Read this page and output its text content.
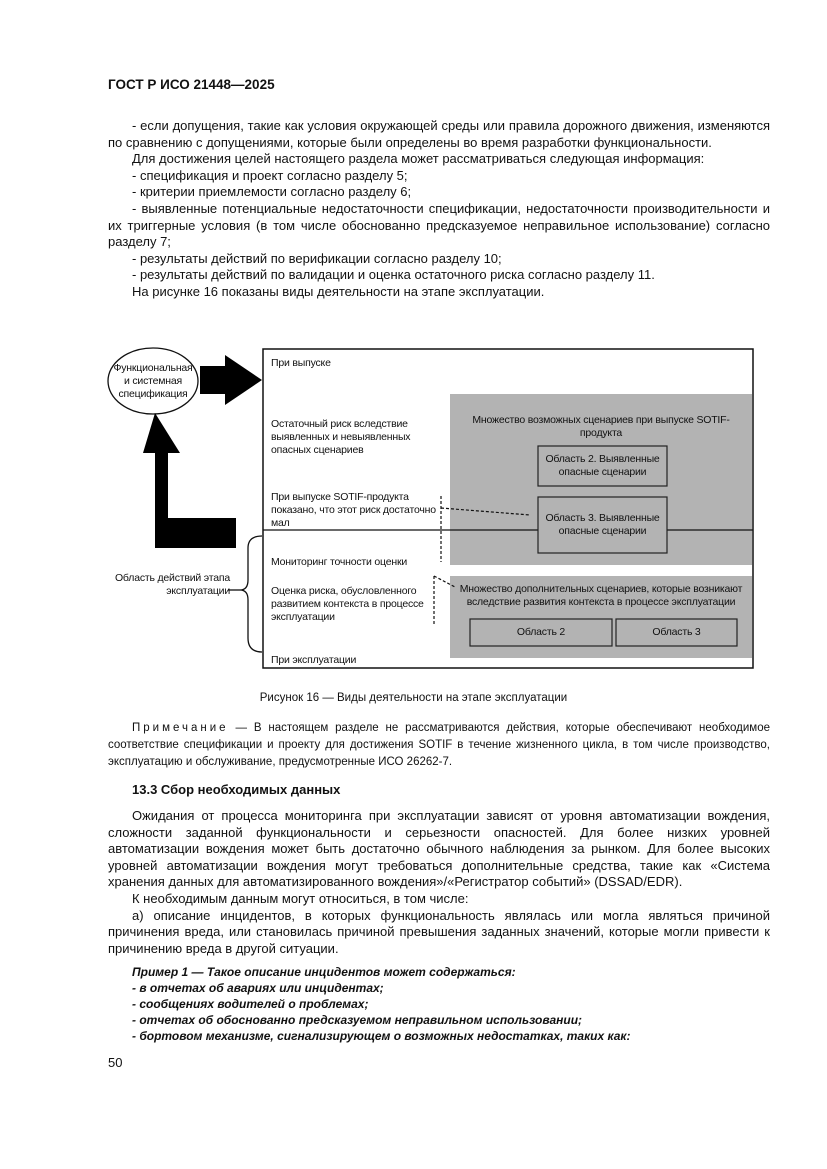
ГОСТ Р ИСО 21448—2025

- если допущения, такие как условия окружающей среды или правила дорожного движения, изменяются по сравнению с допущениями, которые были определены во время разработки функциональности.

Для достижения целей настоящего раздела может рассматриваться следующая информация:

- спецификация и проект согласно разделу 5;

- критерии приемлемости согласно разделу 6;

- выявленные потенциальные недостаточности спецификации, недостаточности производительности и их триггерные условия (в том числе обоснованно предсказуемое неправильное использование) согласно разделу 7;

- результаты действий по верификации согласно разделу 10;

- результаты действий по валидации и оценка остаточного риска согласно разделу 11.

На рисунке 16 показаны виды деятельности на этапе эксплуатации.

Функциональная и системная спецификация
Область действий этапа эксплуатации
При выпуске
Остаточный риск вследствие выявленных и невыявленных опасных сценариев
При выпуске SOTIF-продукта показано, что этот риск достаточно мал
Мониторинг точности оценки
Оценка риска, обусловленного развитием контекста в процессе эксплуатации
При эксплуатации
Множество возможных сценариев при выпуске SOTIF-продукта
Область 2. Выявленные опасные сценарии
Область 3. Выявленные опасные сценарии
Множество дополнительных сценариев, которые возникают вследствие развития контекста в процессе эксплуатации
Область 2	Область 3
Рисунок 16 — Виды деятельности на этапе эксплуатации

Примечание — В настоящем разделе не рассматриваются действия, которые обеспечивают необходимое соответствие спецификации и проекту для достижения SOTIF в течение жизненного цикла, в том числе производство, эксплуатацию и обслуживание, предусмотренные ИСО 26262-7.

13.3 Сбор необходимых данных

Ожидания от процесса мониторинга при эксплуатации зависят от уровня автоматизации вождения, сложности заданной функциональности и серьезности опасностей. Для более низких уровней автоматизации вождения может быть достаточно обычного наблюдения за рынком. Для более высоких уровней автоматизации вождения могут требоваться дополнительные средства, такие как «Система хранения данных для автоматизированного вождения»/«Регистратор событий» (DSSAD/EDR).

К необходимым данным могут относиться, в том числе:

а) описание инцидентов, в которых функциональность являлась или могла являться причиной причинения вреда, или становилась причиной превышения заданных значений, которые могли привести к причинению вреда в другой ситуации.

Пример 1 — Такое описание инцидентов может содержаться:

- в отчетах об авариях или инцидентах;

- сообщениях водителей о проблемах;

- отчетах об обоснованно предсказуемом неправильном использовании;

- бортовом механизме, сигнализирующем о возможных недостатках, таких как:

50
